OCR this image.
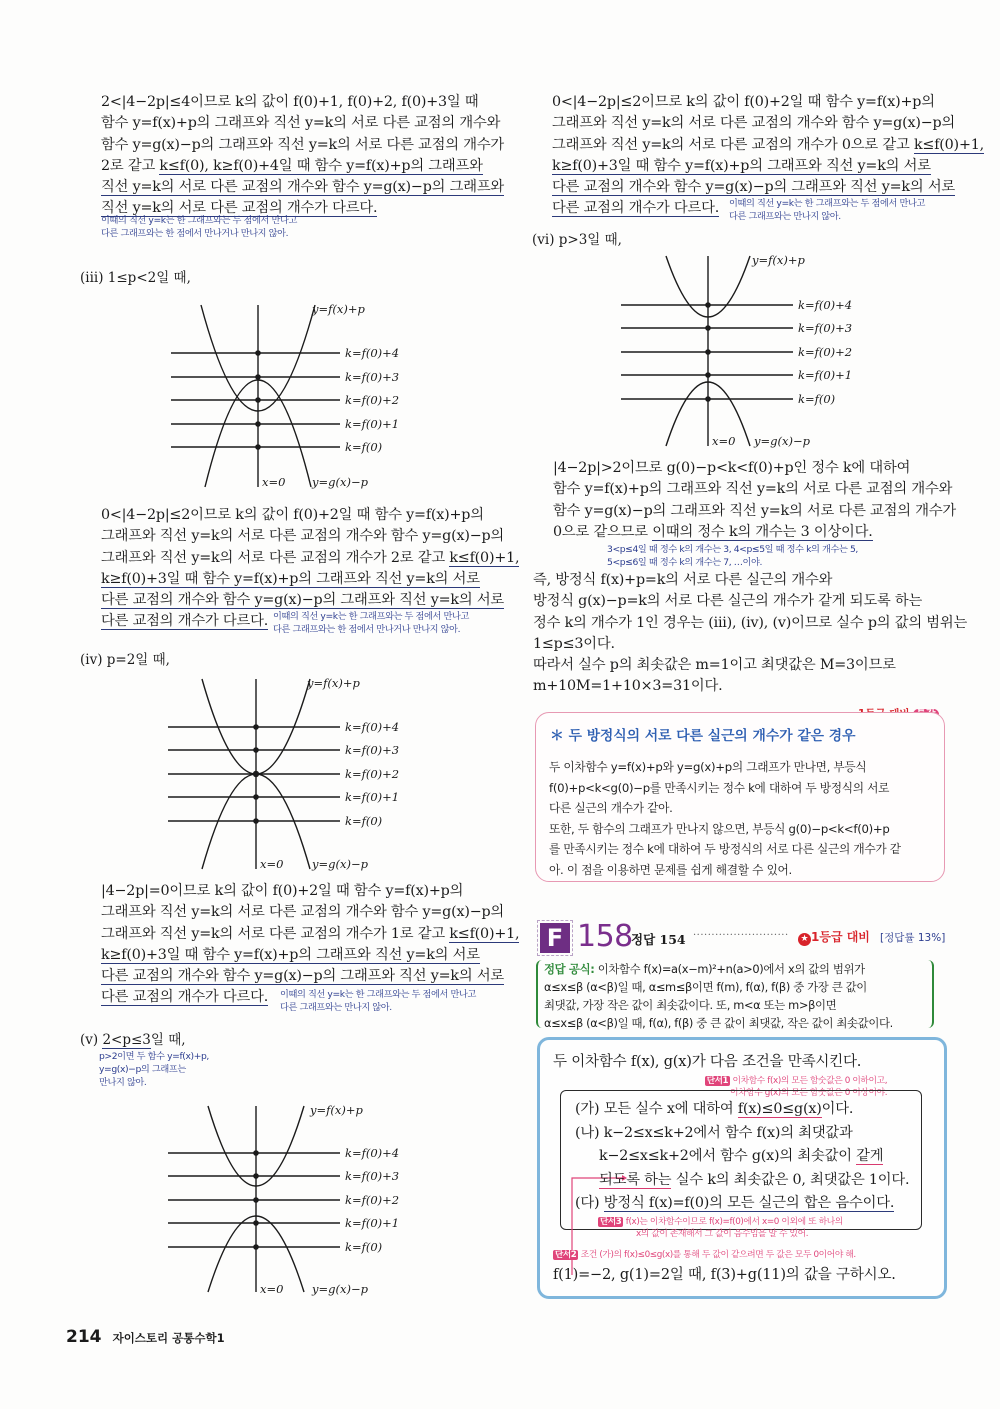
2<|4−2p|≤4이므로 k의 값이 f(0)+1, f(0)+2, f(0)+3일 때
함수 y=f(x)+p의 그래프와 직선 y=k의 서로 다른 교점의 개수와
함수 y=g(x)−p의 그래프와 직선 y=k의 서로 다른 교점의 개수가
2로 같고 k≤f(0), k≥f(0)+4일 때 함수 y=f(x)+p의 그래프와
직선 y=k의 서로 다른 교점의 개수와 함수 y=g(x)−p의 그래프와
직선 y=k의 서로 다른 교점의 개수가 다르다.
이때의 직선 y=k는 한 그래프와는 두 점에서 만나고
다른 그래프와는 한 점에서 만나거나 만나지 않아.
(iii) 1≤p<2일 때,
y=f(x)+p
k=f(0)+4
k=f(0)+3
k=f(0)+2
k=f(0)+1
k=f(0)
x=0 y=g(x)−p
0<|4−2p|≤2이므로 k의 값이 f(0)+2일 때 함수 y=f(x)+p의
그래프와 직선 y=k의 서로 다른 교점의 개수와 함수 y=g(x)−p의
그래프와 직선 y=k의 서로 다른 교점의 개수가 2로 같고 k≤f(0)+1,
k≥f(0)+3일 때 함수 y=f(x)+p의 그래프와 직선 y=k의 서로
다른 교점의 개수와 함수 y=g(x)−p의 그래프와 직선 y=k의 서로
다른 교점의 개수가 다르다. 이때의 직선 y=k는 한 그래프와는 두 점에서 만나고
다른 그래프와는 한 점에서 만나거나 만나지 않아.
(iv) p=2일 때,
y=f(x)+p
k=f(0)+4
k=f(0)+3
k=f(0)+2
k=f(0)+1
k=f(0)
x=0 y=g(x)−p
|4−2p|=0이므로 k의 값이 f(0)+2일 때 함수 y=f(x)+p의
그래프와 직선 y=k의 서로 다른 교점의 개수와 함수 y=g(x)−p의
그래프와 직선 y=k의 서로 다른 교점의 개수가 1로 같고 k≤f(0)+1,
k≥f(0)+3일 때 함수 y=f(x)+p의 그래프와 직선 y=k의 서로
다른 교점의 개수와 함수 y=g(x)−p의 그래프와 직선 y=k의 서로
다른 교점의 개수가 다르다.	이때의 직선 y=k는 한 그래프와는 두 점에서 만나고
다른 그래프와는 만나지 않아.
(v) 2<p≤3일 때,
p>2이면 두 함수 y=f(x)+p,
y=g(x)−p의 그래프는
만나지 않아.
y=f(x)+p
k=f(0)+4
k=f(0)+3
k=f(0)+2
k=f(0)+1
k=f(0)
x=0 y=g(x)−p
214 자이스토리 공통수학1
0<|4−2p|≤2이므로 k의 값이 f(0)+2일 때 함수 y=f(x)+p의
그래프와 직선 y=k의 서로 다른 교점의 개수와 함수 y=g(x)−p의
그래프와 직선 y=k의 서로 다른 교점의 개수가 0으로 같고 k≤f(0)+1,
k≥f(0)+3일 때 함수 y=f(x)+p의 그래프와 직선 y=k의 서로
다른 교점의 개수와 함수 y=g(x)−p의 그래프와 직선 y=k의 서로
다른 교점의 개수가 다르다.	이때의 직선 y=k는 한 그래프와는 두 점에서 만나고
다른 그래프와는 만나지 않아.
(vi) p>3일 때,
y=f(x)+p
k=f(0)+4
k=f(0)+3
k=f(0)+2
k=f(0)+1
k=f(0)
x=0 y=g(x)−p
|4−2p|>2이므로 g(0)−p<k<f(0)+p인 정수 k에 대하여
함수 y=f(x)+p의 그래프와 직선 y=k의 서로 다른 교점의 개수와
함수 y=g(x)−p의 그래프와 직선 y=k의 서로 다른 교점의 개수가
0으로 같으므로 이때의 정수 k의 개수는 3 이상이다.
3<p≤4일 때 정수 k의 개수는 3, 4<p≤5일 때 정수 k의 개수는 5,
5<p≤6일 때 정수 k의 개수는 7, …이야.
즉, 방정식 f(x)+p=k의 서로 다른 실근의 개수와
방정식 g(x)−p=k의 서로 다른 실근의 개수가 같게 되도록 하는
정수 k의 개수가 1인 경우는 (iii), (iv), (v)이므로 실수 p의 값의 범위는
1≤p≤3이다.
따라서 실수 p의 최솟값은 m=1이고 최댓값은 M=3이므로
m+10M=1+10×3=31이다.
＊ 두 방정식의 서로 다른 실근의 개수가 같은 경우
두 이차함수 y=f(x)+p와 y=g(x)+p의 그래프가 만나면, 부등식
f(0)+p<k<g(0)−p를 만족시키는 정수 k에 대하여 두 방정식의 서로
다른 실근의 개수가 같아.
또한, 두 함수의 그래프가 만나지 않으면, 부등식 g(0)−p<k<f(0)+p
를 만족시키는 정수 k에 대하여 두 방정식의 서로 다른 실근의 개수가 같
아. 이 점을 이용하면 문제를 쉽게 해결할 수 있어.
F 158
정답 154 ·························· ★ 1등급 대비 [정답률 13%]
정답 공식: 이차함수 f(x)=a(x−m)²+n(a>0)에서 x의 값의 범위가
α≤x≤β (α<β)일 때, α≤m≤β이면 f(m), f(α), f(β) 중 가장 큰 값이
최댓값, 가장 작은 값이 최솟값이다. 또, m<α 또는 m>β이면
α≤x≤β (α<β)일 때, f(α), f(β) 중 큰 값이 최댓값, 작은 값이 최솟값이다.
두 이차함수 f(x), g(x)가 다음 조건을 만족시킨다.
단서1 이차함수 f(x)의 모든 함숫값은 0 이하이고,
이차함수 g(x)의 모든 함숫값은 0 이상이야.
(가) 모든 실수 x에 대하여 f(x)≤0≤g(x)이다.
(나) k−2≤x≤k+2에서 함수 f(x)의 최댓값과
k−2≤x≤k+2에서 함수 g(x)의 최솟값이 같게
되도록 하는 실수 k의 최솟값은 0, 최댓값은 1이다.
(다) 방정식 f(x)=f(0)의 모든 실근의 합은 음수이다.
단서3 f(x)는 이차함수이므로 f(x)=f(0)에서 x=0 이외에 또 하나의
x의 값이 존재해서 그 값이 음수임을 알 수 있어.
단서2 조건 (가)의 f(x)≤0≤g(x)를 통해 두 값이 같으려면 두 값은 모두 0이어야 해.
f(1)=−2, g(1)=2일 때, f(3)+g(11)의 값을 구하시오.
